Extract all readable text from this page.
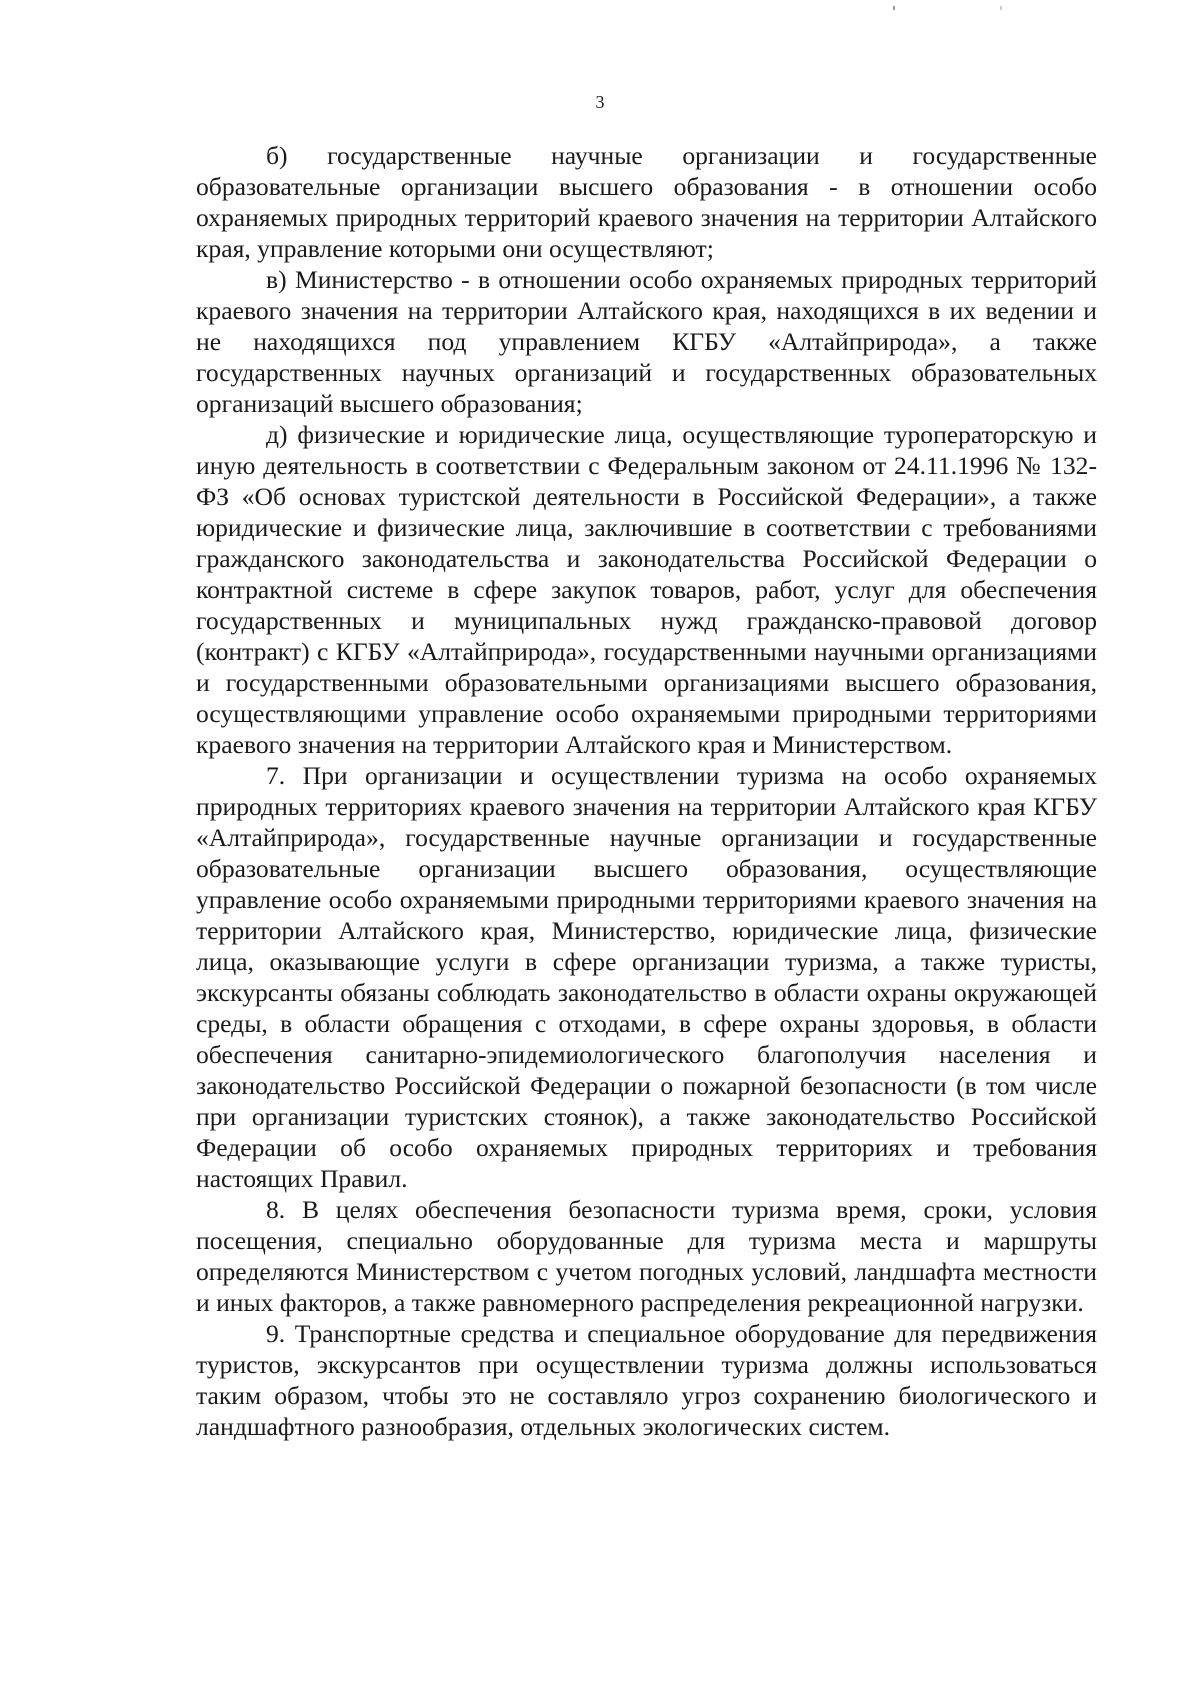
3

б) государственные научные организации и государственные образовательные организации высшего образования - в отношении особо охраняемых природных территорий краевого значения на территории Алтайского края, управление которыми они осуществляют;

в) Министерство - в отношении особо охраняемых природных территорий краевого значения на территории Алтайского края, находящихся в их ведении и не находящихся под управлением КГБУ «Алтайприрода», а также государственных научных организаций и государственных образовательных организаций высшего образования;

д) физические и юридические лица, осуществляющие туроператорскую и иную деятельность в соответствии с Федеральным законом от 24.11.1996 № 132-ФЗ «Об основах туристской деятельности в Российской Федерации», а также юридические и физические лица, заключившие в соответствии с требованиями гражданского законодательства и законодательства Российской Федерации о контрактной системе в сфере закупок товаров, работ, услуг для обеспечения государственных и муниципальных нужд гражданско-правовой договор (контракт) с КГБУ «Алтайприрода», государственными научными организациями и государственными образовательными организациями высшего образования, осуществляющими управление особо охраняемыми природными территориями краевого значения на территории Алтайского края и Министерством.

7. При организации и осуществлении туризма на особо охраняемых природных территориях краевого значения на территории Алтайского края КГБУ «Алтайприрода», государственные научные организации и государственные образовательные организации высшего образования, осуществляющие управление особо охраняемыми природными территориями краевого значения на территории Алтайского края, Министерство, юридические лица, физические лица, оказывающие услуги в сфере организации туризма, а также туристы, экскурсанты обязаны соблюдать законодательство в области охраны окружающей среды, в области обращения с отходами, в сфере охраны здоровья, в области обеспечения санитарно-эпидемиологического благополучия населения и законодательство Российской Федерации о пожарной безопасности (в том числе при организации туристских стоянок), а также законодательство Российской Федерации об особо охраняемых природных территориях и требования настоящих Правил.

8. В целях обеспечения безопасности туризма время, сроки, условия посещения, специально оборудованные для туризма места и маршруты определяются Министерством с учетом погодных условий, ландшафта местности и иных факторов, а также равномерного распределения рекреационной нагрузки.

9. Транспортные средства и специальное оборудование для передвижения туристов, экскурсантов при осуществлении туризма должны использоваться таким образом, чтобы это не составляло угроз сохранению биологического и ландшафтного разнообразия, отдельных экологических систем.
